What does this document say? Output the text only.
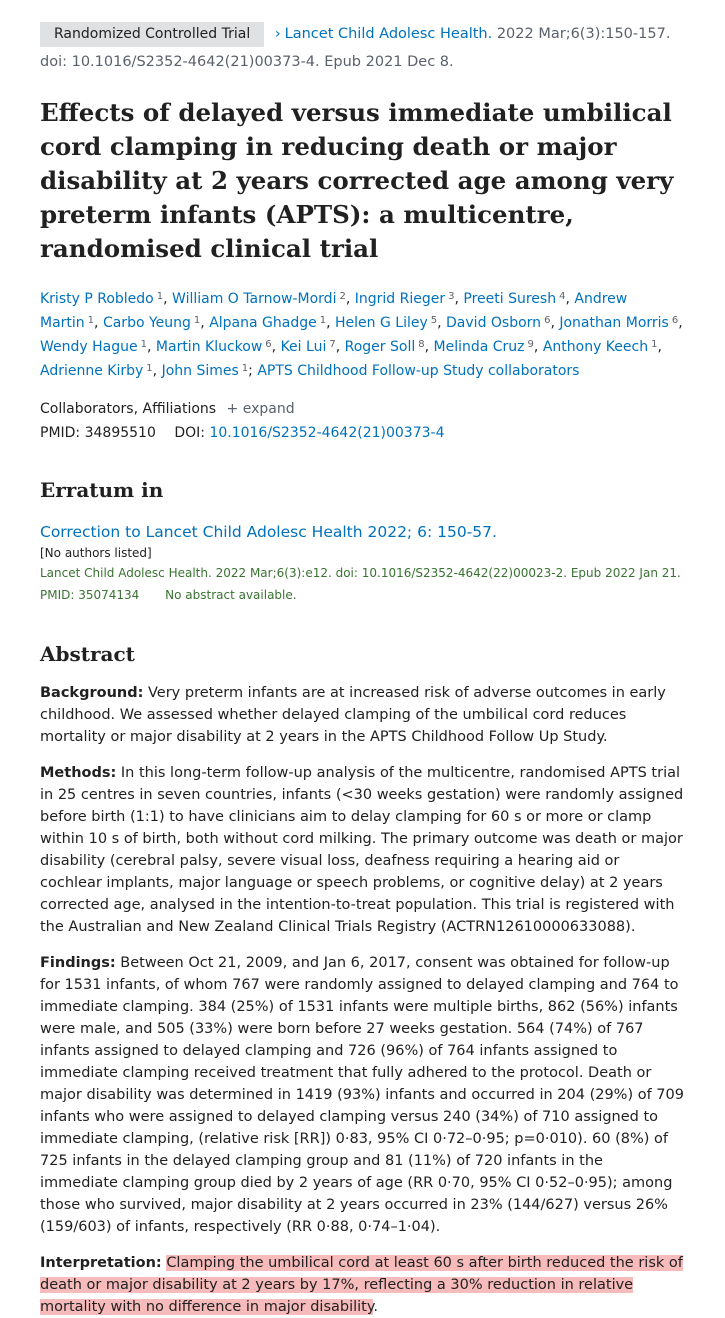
Randomized Controlled Trial › Lancet Child Adolesc Health. 2022 Mar;6(3):150-157.
doi: 10.1016/S2352-4642(21)00373-4. Epub 2021 Dec 8.
Effects of delayed versus immediate umbilical cord clamping in reducing death or major disability at 2 years corrected age among very preterm infants (APTS): a multicentre, randomised clinical trial
Kristy P Robledo $^1$, William O Tarnow-Mordi $^2$, Ingrid Rieger $^3$, Preeti Suresh $^4$, Andrew Martin $^1$, Carbo Yeung $^1$, Alpana Ghadge $^1$, Helen G Liley $^5$, David Osborn $^6$, Jonathan Morris $^6$, Wendy Hague $^1$, Martin Kluckow $^6$, Kei Lui $^7$, Roger Soll $^8$, Melinda Cruz $^9$, Anthony Keech $^1$, Adrienne Kirby $^1$, John Simes $^1$; APTS Childhood Follow-up Study collaborators
Collaborators, Affiliations + expand
PMID: 34895510 DOI: 10.1016/S2352-4642(21)00373-4
Erratum in
Correction to Lancet Child Adolesc Health 2022; 6: 150-57.
[No authors listed]
Lancet Child Adolesc Health. 2022 Mar;6(3):e12. doi: 10.1016/S2352-4642(22)00023-2. Epub 2022 Jan 21.
PMID: 35074134 No abstract available.
Abstract

Background: Very preterm infants are at increased risk of adverse outcomes in early childhood. We assessed whether delayed clamping of the umbilical cord reduces mortality or major disability at 2 years in the APTS Childhood Follow Up Study.

Methods: In this long-term follow-up analysis of the multicentre, randomised APTS trial in 25 centres in seven countries, infants (<30 weeks gestation) were randomly assigned before birth (1:1) to have clinicians aim to delay clamping for 60 s or more or clamp within 10 s of birth, both without cord milking. The primary outcome was death or major disability (cerebral palsy, severe visual loss, deafness requiring a hearing aid or cochlear implants, major language or speech problems, or cognitive delay) at 2 years corrected age, analysed in the intention-to-treat population. This trial is registered with the Australian and New Zealand Clinical Trials Registry (ACTRN12610000633088).

Findings: Between Oct 21, 2009, and Jan 6, 2017, consent was obtained for follow-up for 1531 infants, of whom 767 were randomly assigned to delayed clamping and 764 to immediate clamping. 384 (25%) of 1531 infants were multiple births, 862 (56%) infants were male, and 505 (33%) were born before 27 weeks gestation. 564 (74%) of 767 infants assigned to delayed clamping and 726 (96%) of 764 infants assigned to immediate clamping received treatment that fully adhered to the protocol. Death or major disability was determined in 1419 (93%) infants and occurred in 204 (29%) of 709 infants who were assigned to delayed clamping versus 240 (34%) of 710 assigned to immediate clamping, (relative risk [RR]) 0·83, 95% CI 0·72–0·95; p=0·010). 60 (8%) of 725 infants in the delayed clamping group and 81 (11%) of 720 infants in the immediate clamping group died by 2 years of age (RR 0·70, 95% CI 0·52–0·95); among those who survived, major disability at 2 years occurred in 23% (144/627) versus 26% (159/603) of infants, respectively (RR 0·88, 0·74–1·04).

Interpretation: Clamping the umbilical cord at least 60 s after birth reduced the risk of death or major disability at 2 years by 17%, reflecting a 30% reduction in relative mortality with no difference in major disability.
